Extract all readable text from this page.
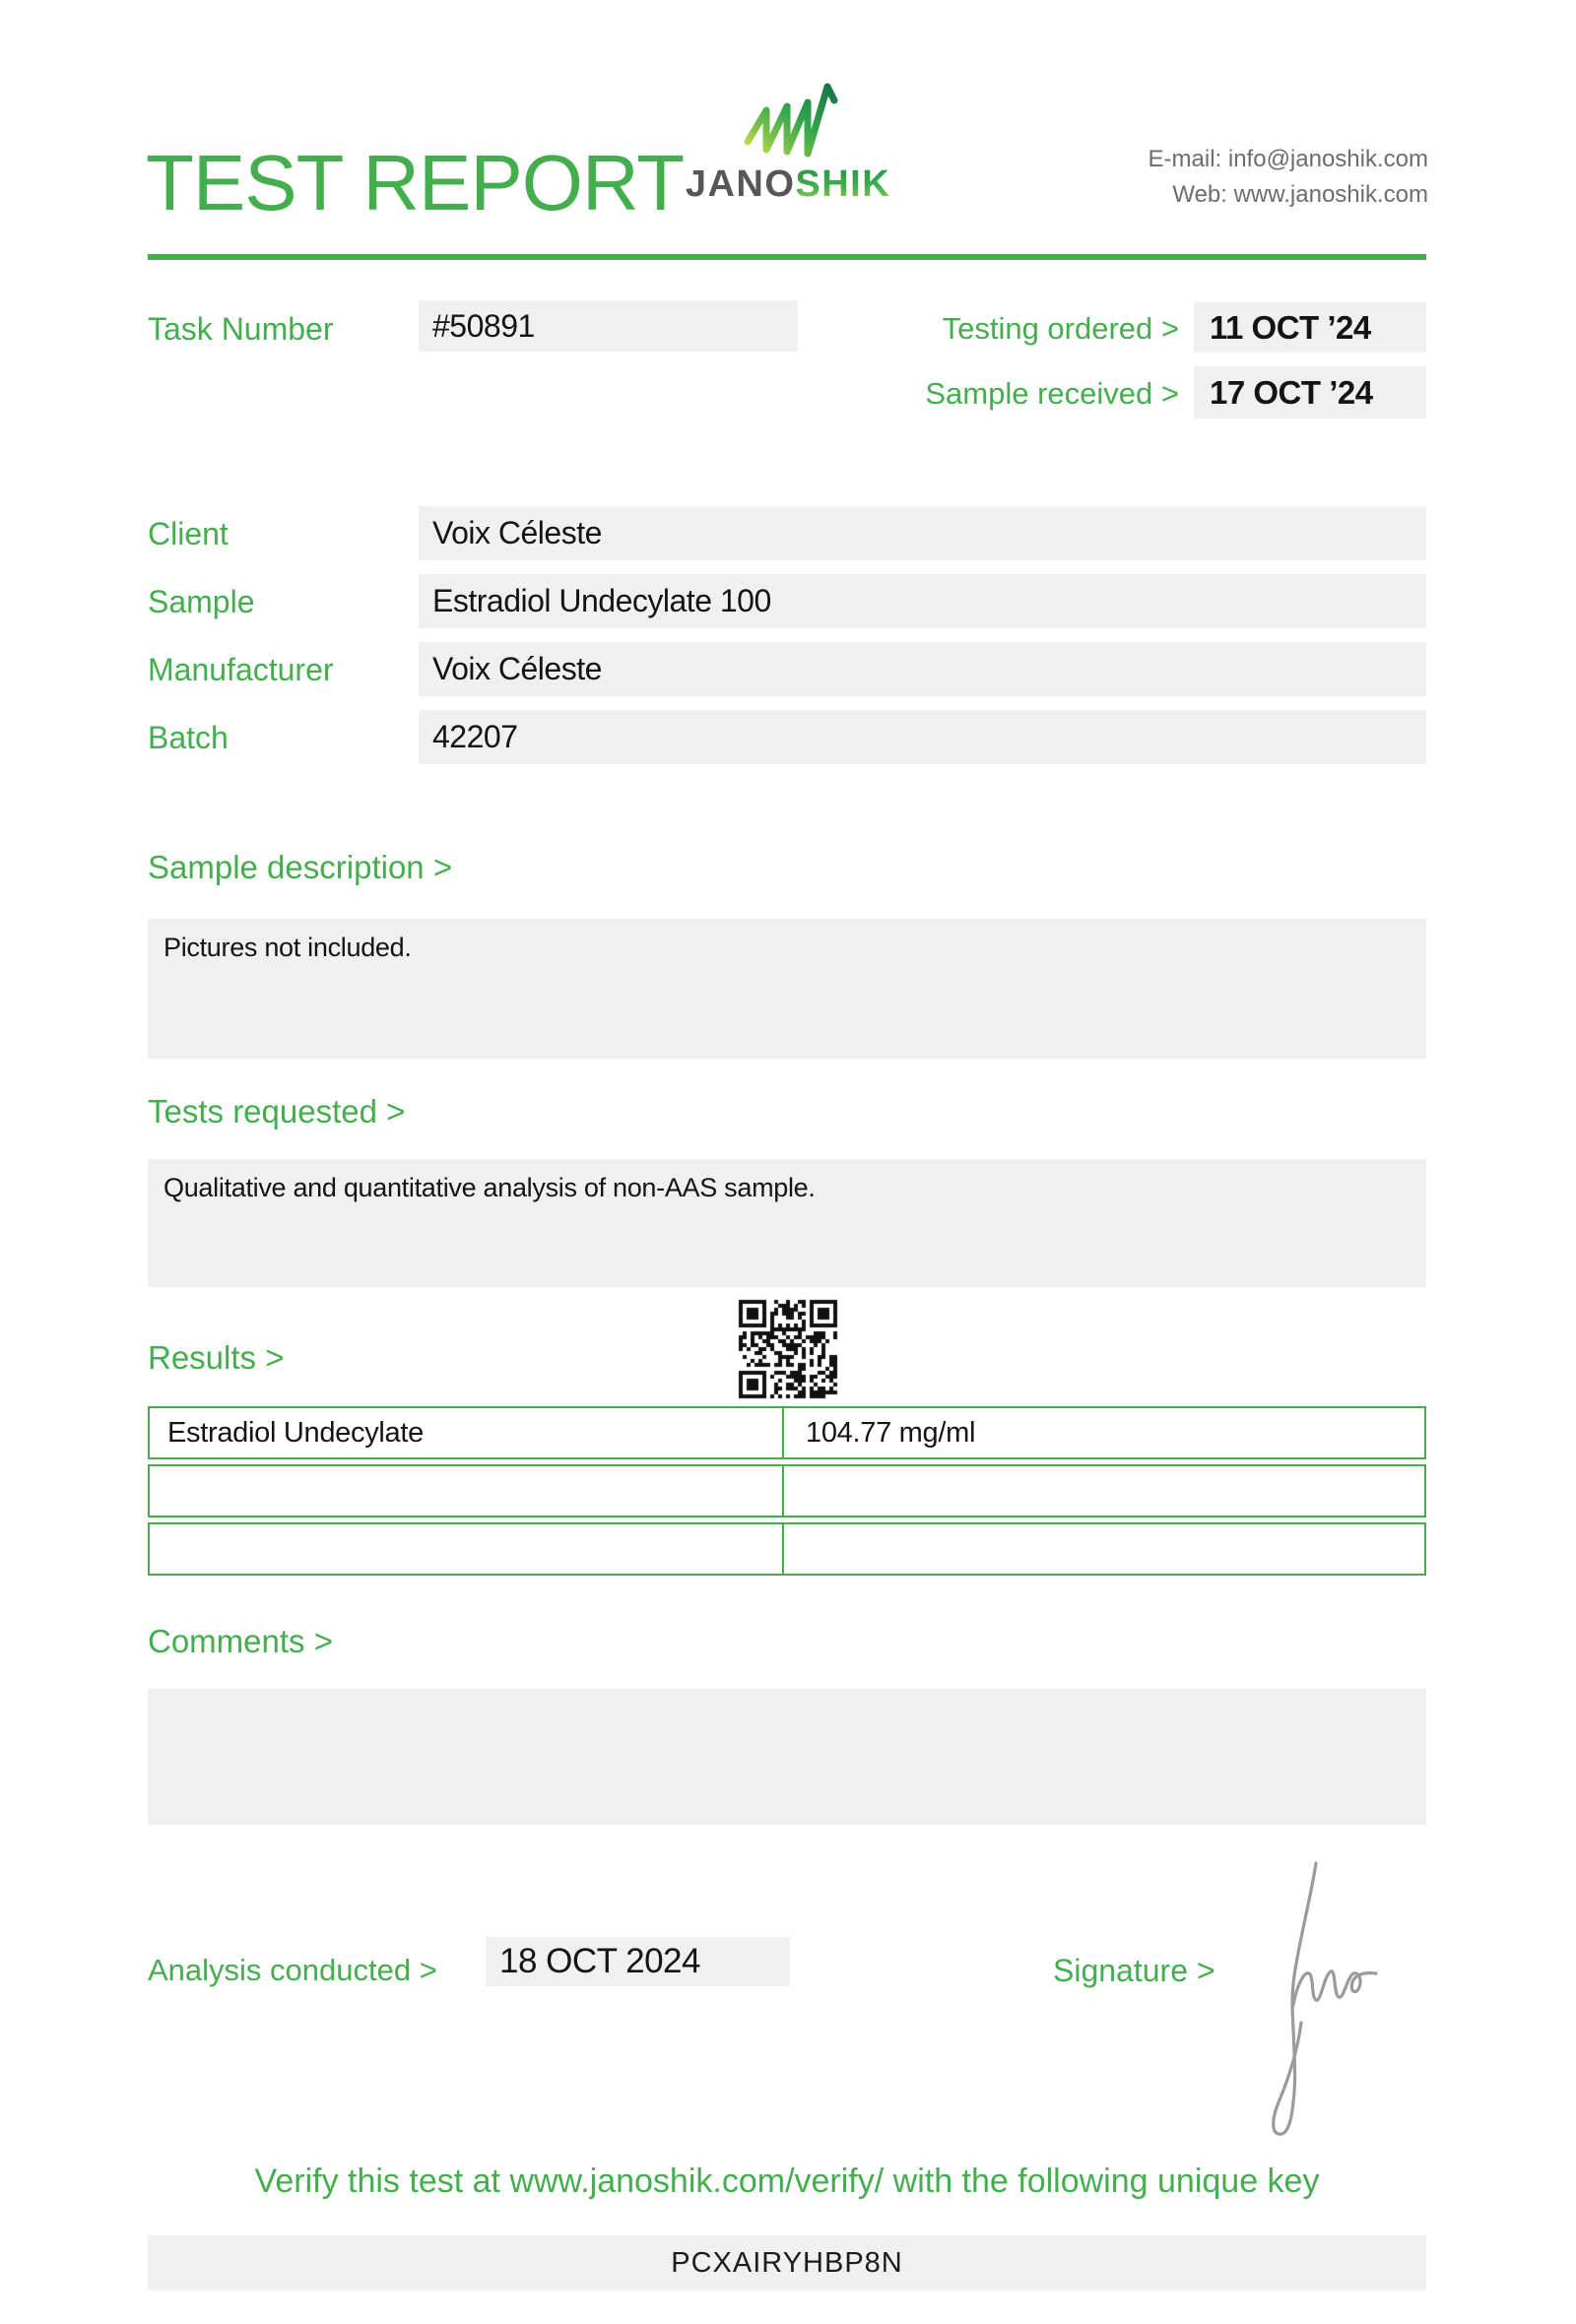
TEST REPORT JANOSHIK
E-mail: info@janoshik.com
Web: www.janoshik.com
Task Number	#50891	Testing ordered > 11 OCT ’24
Sample received > 17 OCT ’24
Client	Voix Céleste
Sample	Estradiol Undecylate 100
Manufacturer	Voix Céleste
Batch	42207
Sample description >
Pictures not included.
Tests requested >
Qualitative and quantitative analysis of non-AAS sample.
Results >
Estradiol Undecylate	104.77 mg/ml
Comments >
Analysis conducted >	18 OCT 2024	Signature >
Verify this test at www.janoshik.com/verify/ with the following unique key
PCXAIRYHBP8N
